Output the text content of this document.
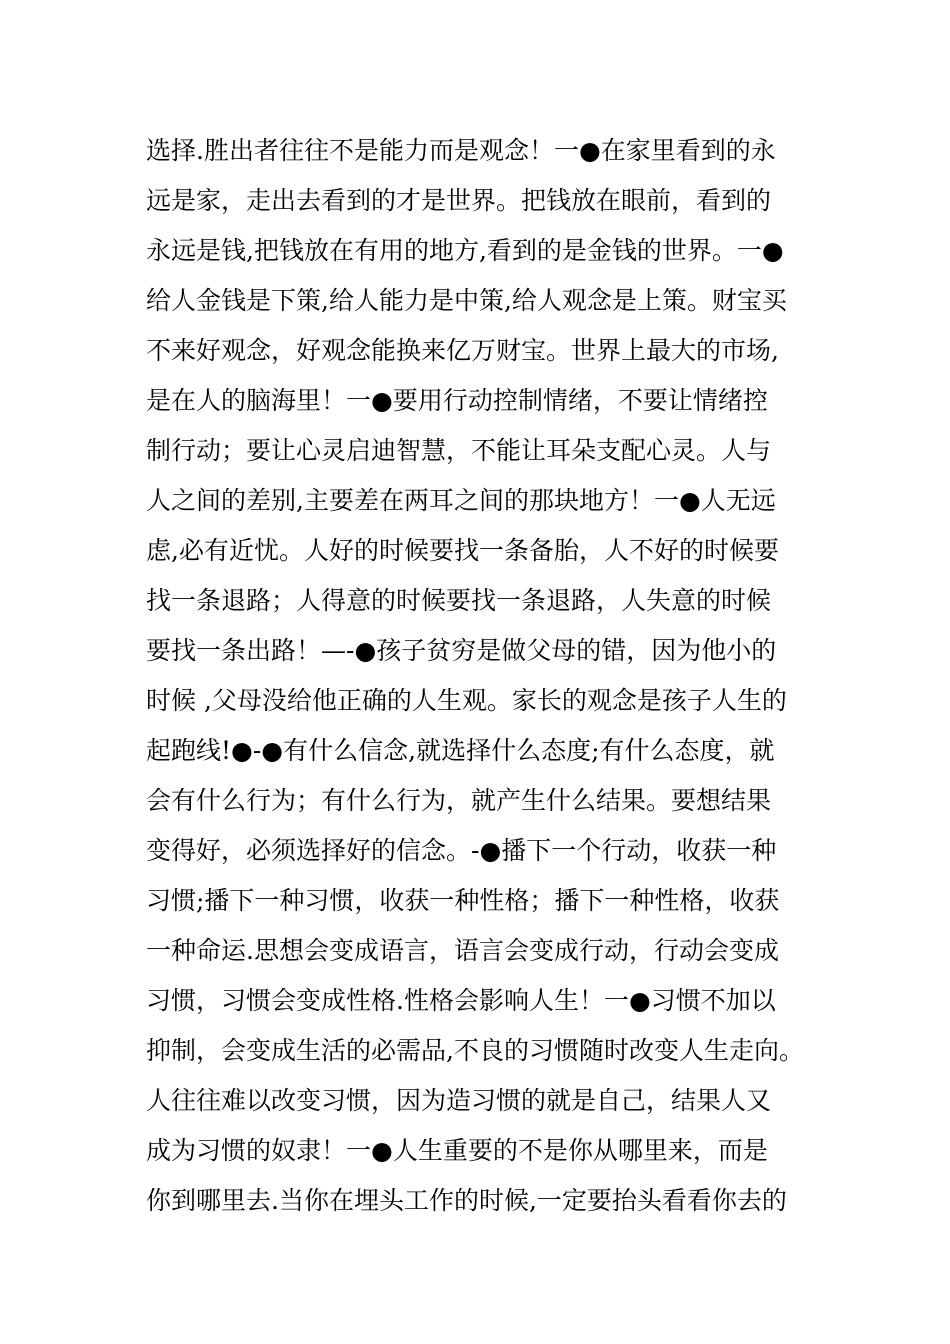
选择.胜出者往往不是能力而是观念！一●在家里看到的永
远是家，走出去看到的才是世界。把钱放在眼前，看到的
永远是钱,把钱放在有用的地方,看到的是金钱的世界。一●
给人金钱是下策,给人能力是中策,给人观念是上策。财宝买
不来好观念，好观念能换来亿万财宝。世界上最大的市场,
是在人的脑海里！一●要用行动控制情绪，不要让情绪控
制行动；要让心灵启迪智慧，不能让耳朵支配心灵。人与
人之间的差别,主要差在两耳之间的那块地方！一●人无远
虑,必有近忧。人好的时候要找一条备胎，人不好的时候要
找一条退路；人得意的时候要找一条退路，人失意的时候
要找一条出路！—-●孩子贫穷是做父母的错，因为他小的
时候 ,父母没给他正确的人生观。家长的观念是孩子人生的
起跑线!●-●有什么信念,就选择什么态度;有什么态度，就
会有什么行为；有什么行为，就产生什么结果。要想结果
变得好，必须选择好的信念。-●播下一个行动，收获一种
习惯;播下一种习惯，收获一种性格；播下一种性格，收获
一种命运.思想会变成语言，语言会变成行动，行动会变成
习惯，习惯会变成性格.性格会影响人生！一●习惯不加以
抑制，会变成生活的必需品,不良的习惯随时改变人生走向。
人往往难以改变习惯，因为造习惯的就是自己，结果人又
成为习惯的奴隶！一●人生重要的不是你从哪里来，而是
你到哪里去.当你在埋头工作的时候,一定要抬头看看你去的
